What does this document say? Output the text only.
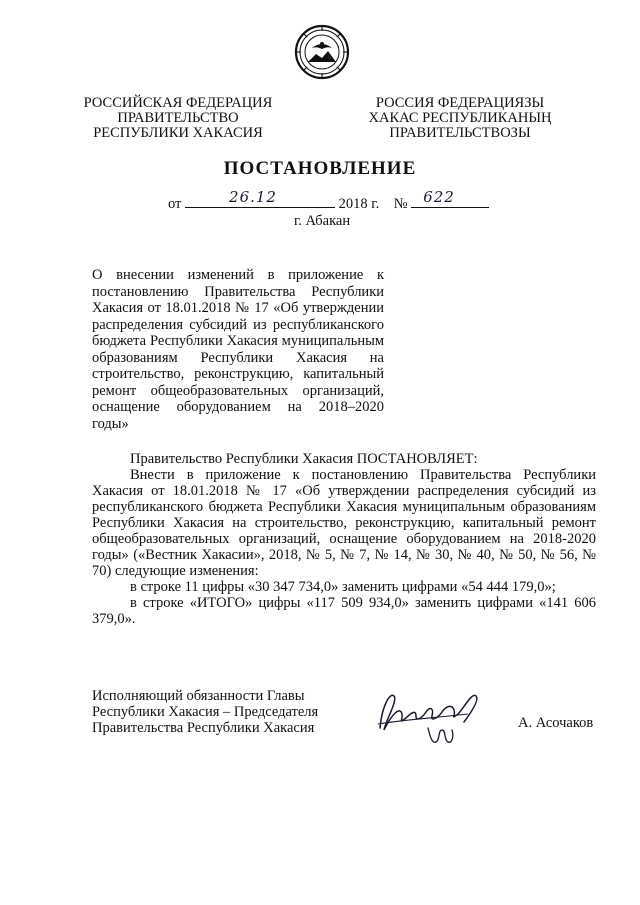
РОССИЙСКАЯ ФЕДЕРАЦИЯ
ПРАВИТЕЛЬСТВО
РЕСПУБЛИКИ ХАКАСИЯ
РОССИЯ ФЕДЕРАЦИЯЗЫ
ХАКАС РЕСПУБЛИКАНЫҢ
ПРАВИТЕЛЬСТВОЗЫ
ПОСТАНОВЛЕНИЕ
от	26.12	2018 г. № 622
г. Абакан
О внесении изменений в приложение к постановлению Правительства Республики Хакасия от 18.01.2018 № 17 «Об утверждении распределения субсидий из республиканского бюджета Республики Хакасия муниципальным образованиям Республики Хакасия на строительство, реконструкцию, капитальный ремонт общеобразовательных организаций, оснащение оборудованием на 2018–2020 годы»

Правительство Республики Хакасия ПОСТАНОВЛЯЕТ:

Внести в приложение к постановлению Правительства Республики Хакасия от 18.01.2018 № 17 «Об утверждении распределения субсидий из республиканского бюджета Республики Хакасия муниципальным образованиям Республики Хакасия на строительство, реконструкцию, капитальный ремонт общеобразовательных организаций, оснащение оборудованием на 2018-2020 годы» («Вестник Хакасии», 2018, № 5, № 7, № 14, № 30, № 40, № 50, № 56, № 70) следующие изменения:

в строке 11 цифры «30 347 734,0» заменить цифрами «54 444 179,0»;

в строке «ИТОГО» цифры «117 509 934,0» заменить цифрами «141 606 379,0».

Исполняющий обязанности Главы
Республики Хакасия – Председателя
Правительства Республики Хакасия	А. Асочаков
